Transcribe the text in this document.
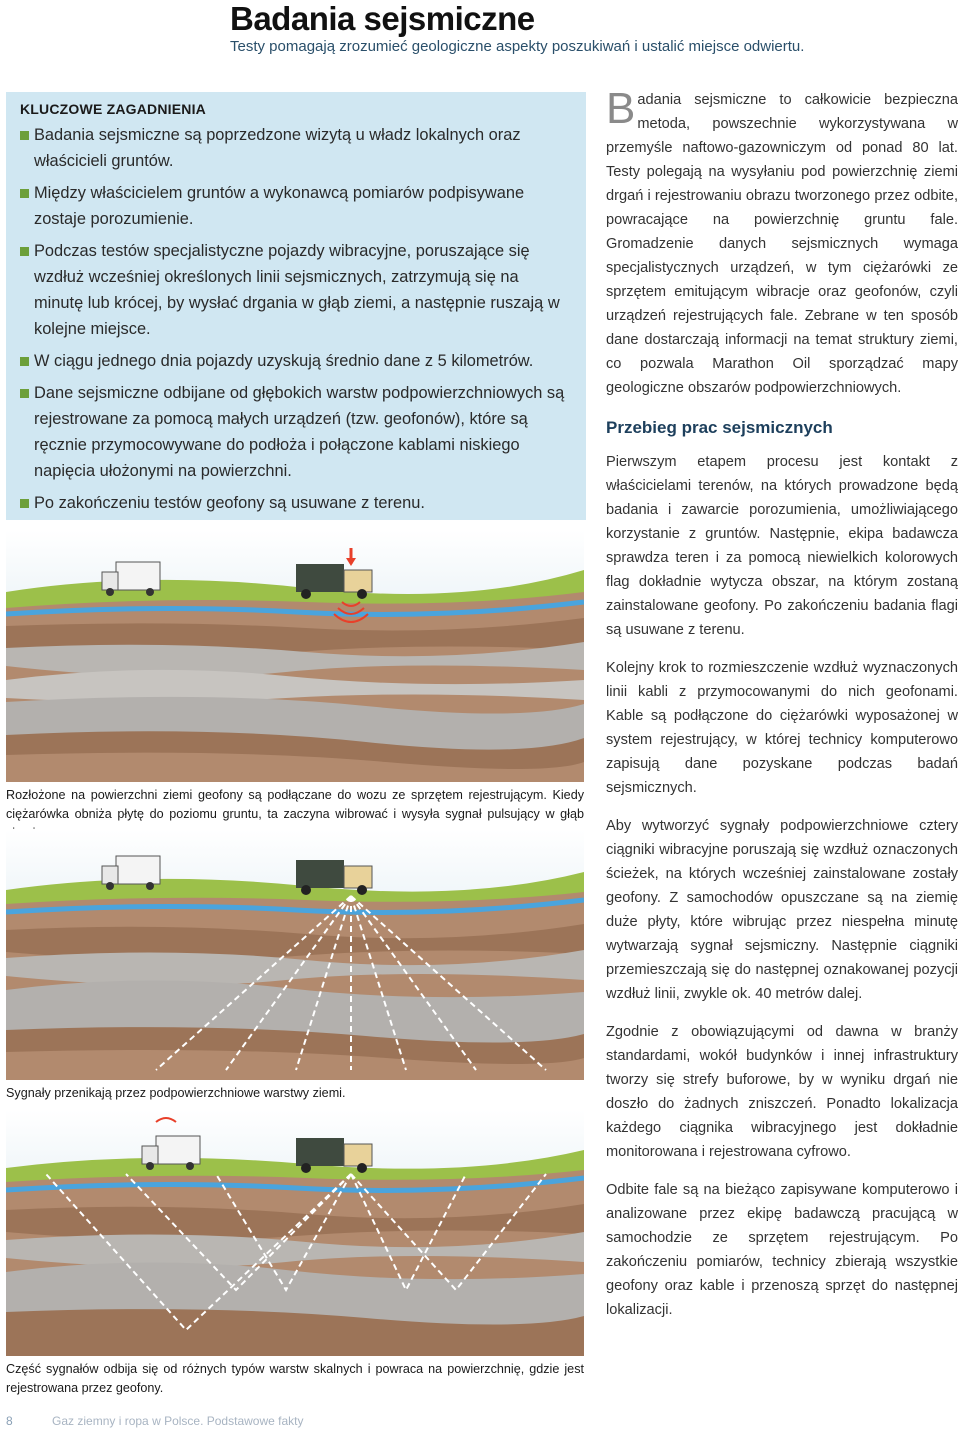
Badania sejsmiczne
Testy pomagają zrozumieć geologiczne aspekty poszukiwań i ustalić miejsce odwiertu.
KLUCZOWE ZAGADNIENIA
Badania sejsmiczne są poprzedzone wizytą u władz lokalnych oraz właścicieli gruntów.
Między właścicielem gruntów a wykonawcą pomiarów podpisywane zostaje porozumienie.
Podczas testów specjalistyczne pojazdy wibracyjne, poruszające się wzdłuż wcześniej określonych linii sejsmicznych, zatrzymują się na minutę lub krócej, by wysłać drgania w głąb ziemi, a następnie ruszają w kolejne miejsce.
W ciągu jednego dnia pojazdy uzyskują średnio dane z 5 kilometrów.
Dane sejsmiczne odbijane od głębokich warstw podpowierzchniowych są rejestrowane za pomocą małych urządzeń (tzw. geofonów), które są ręcznie przymocowywane do podłoża i połączone kablami niskiego napięcia ułożonymi na powierzchni.
Po zakończeniu testów geofony są usuwane z terenu.
Rozłożone na powierzchni ziemi geofony są podłączane do wozu ze sprzętem rejestrującym. Kiedy ciężarówka obniża płytę do poziomu gruntu, ta zaczyna wibrować i wysyła sygnał pulsujący w głąb
Sygnały przenikają przez podpowierzchniowe warstwy ziemi.
Część sygnałów odbija się od różnych typów warstw skalnych i powraca na powierzchnię, gdzie jest rejestrowana przez geofony.

Badania sejsmiczne to całkowicie bezpieczna metoda, powszechnie wykorzystywana w przemyśle naftowo-gazowniczym od ponad 80 lat. Testy polegają na wysyłaniu pod powierzchnię ziemi drgań i rejestrowaniu obrazu tworzonego przez odbite, powracające na powierzchnię gruntu fale. Gromadzenie danych sejsmicznych wymaga specjalistycznych urządzeń, w tym ciężarówki ze sprzętem emitującym wibracje oraz geofonów, czyli urządzeń rejestrujących fale. Zebrane w ten sposób dane dostarczają informacji na temat struktury ziemi, co pozwala Marathon Oil sporządzać mapy geologiczne obszarów podpowierzchniowych.

Przebieg prac sejsmicznych

Pierwszym etapem procesu jest kontakt z właścicielami terenów, na których prowadzone będą badania i zawarcie porozumienia, umożliwiającego korzystanie z gruntów. Następnie, ekipa badawcza sprawdza teren i za pomocą niewielkich kolorowych flag dokładnie wytycza obszar, na którym zostaną zainstalowane geofony. Po zakończeniu badania flagi są usuwane z terenu.

Kolejny krok to rozmieszczenie wzdłuż wyznaczonych linii kabli z przymocowanymi do nich geofonami. Kable są podłączone do ciężarówki wyposażonej w system rejestrujący, w której technicy komputerowo zapisują dane pozyskane podczas badań sejsmicznych.

Aby wytworzyć sygnały podpowierzchniowe cztery ciągniki wibracyjne poruszają się wzdłuż oznaczonych ścieżek, na których wcześniej zainstalowane zostały geofony. Z samochodów opuszczane są na ziemię duże płyty, które wibrując przez niespełna minutę wytwarzają sygnał sejsmiczny. Następnie ciągniki przemieszczają się do następnej oznakowanej pozycji wzdłuż linii, zwykle ok. 40 metrów dalej.

Zgodnie z obowiązującymi od dawna w branży standardami, wokół budynków i innej infrastruktury tworzy się strefy buforowe, by w wyniku drgań nie doszło do żadnych zniszczeń. Ponadto lokalizacja każdego ciągnika wibracyjnego jest dokładnie monitorowana i rejestrowana cyfrowo.

Odbite fale są na bieżąco zapisywane komputerowo i analizowane przez ekipę badawczą pracującą w samochodzie ze sprzętem rejestrującym. Po zakończeniu pomiarów, technicy zbierają wszystkie geofony oraz kable i przenoszą sprzęt do następnej lokalizacji.

8	Gaz ziemny i ropa w Polsce. Podstawowe fakty
